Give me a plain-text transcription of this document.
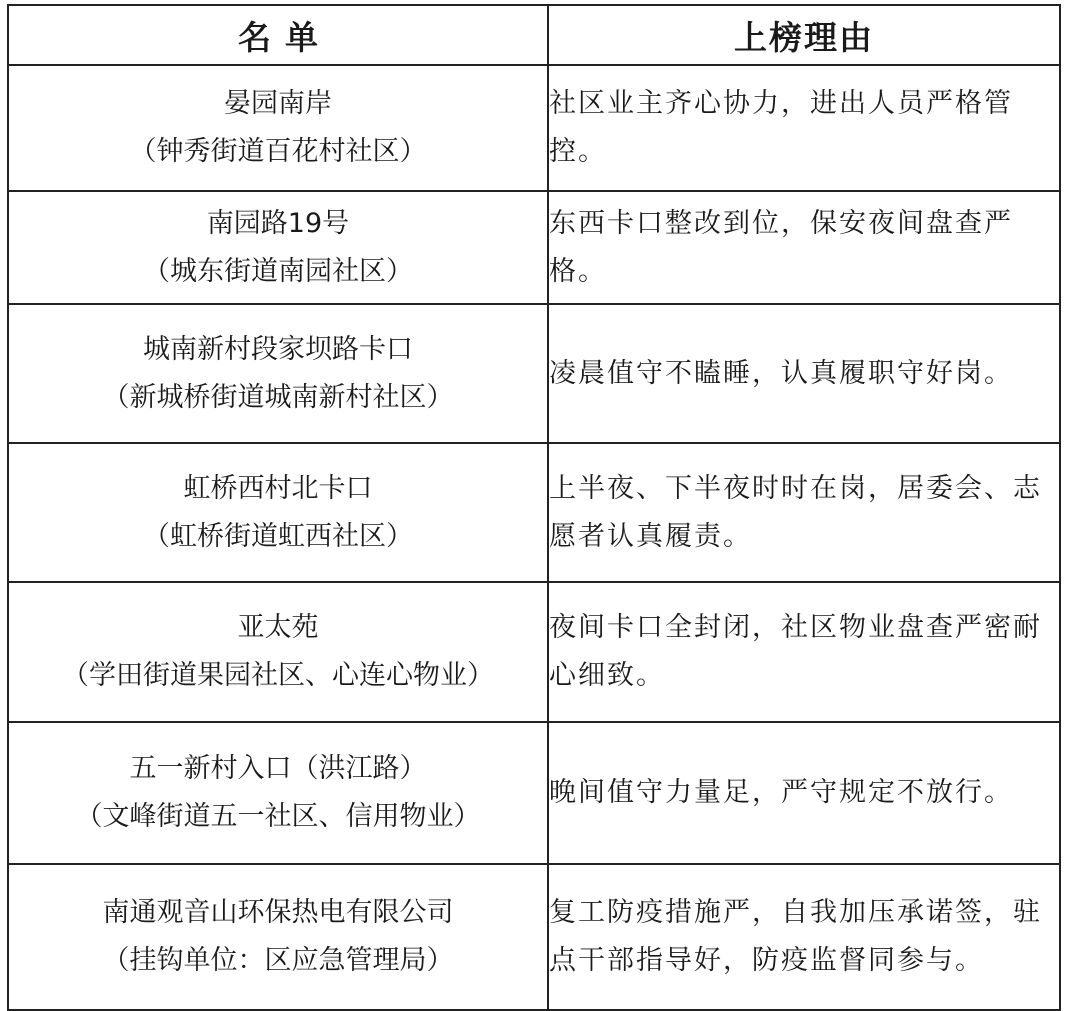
名单	上榜理由

晏园南岸
（钟秀街道百花村社区）	社区业主齐心协力，进出人员严格管控。

南园路19号
（城东街道南园社区）	东西卡口整改到位，保安夜间盘查严格。

城南新村段家坝路卡口
（新城桥街道城南新村社区）	凌晨值守不瞌睡，认真履职守好岗。

虹桥西村北卡口
（虹桥街道虹西社区）	上半夜、下半夜时时在岗，居委会、志愿者认真履责。

亚太苑
（学田街道果园社区、心连心物业）	夜间卡口全封闭，社区物业盘查严密耐心细致。

五一新村入口（洪江路）
（文峰街道五一社区、信用物业）	晚间值守力量足，严守规定不放行。

南通观音山环保热电有限公司
（挂钩单位：区应急管理局）	复工防疫措施严，自我加压承诺签，驻点干部指导好，防疫监督同参与。
